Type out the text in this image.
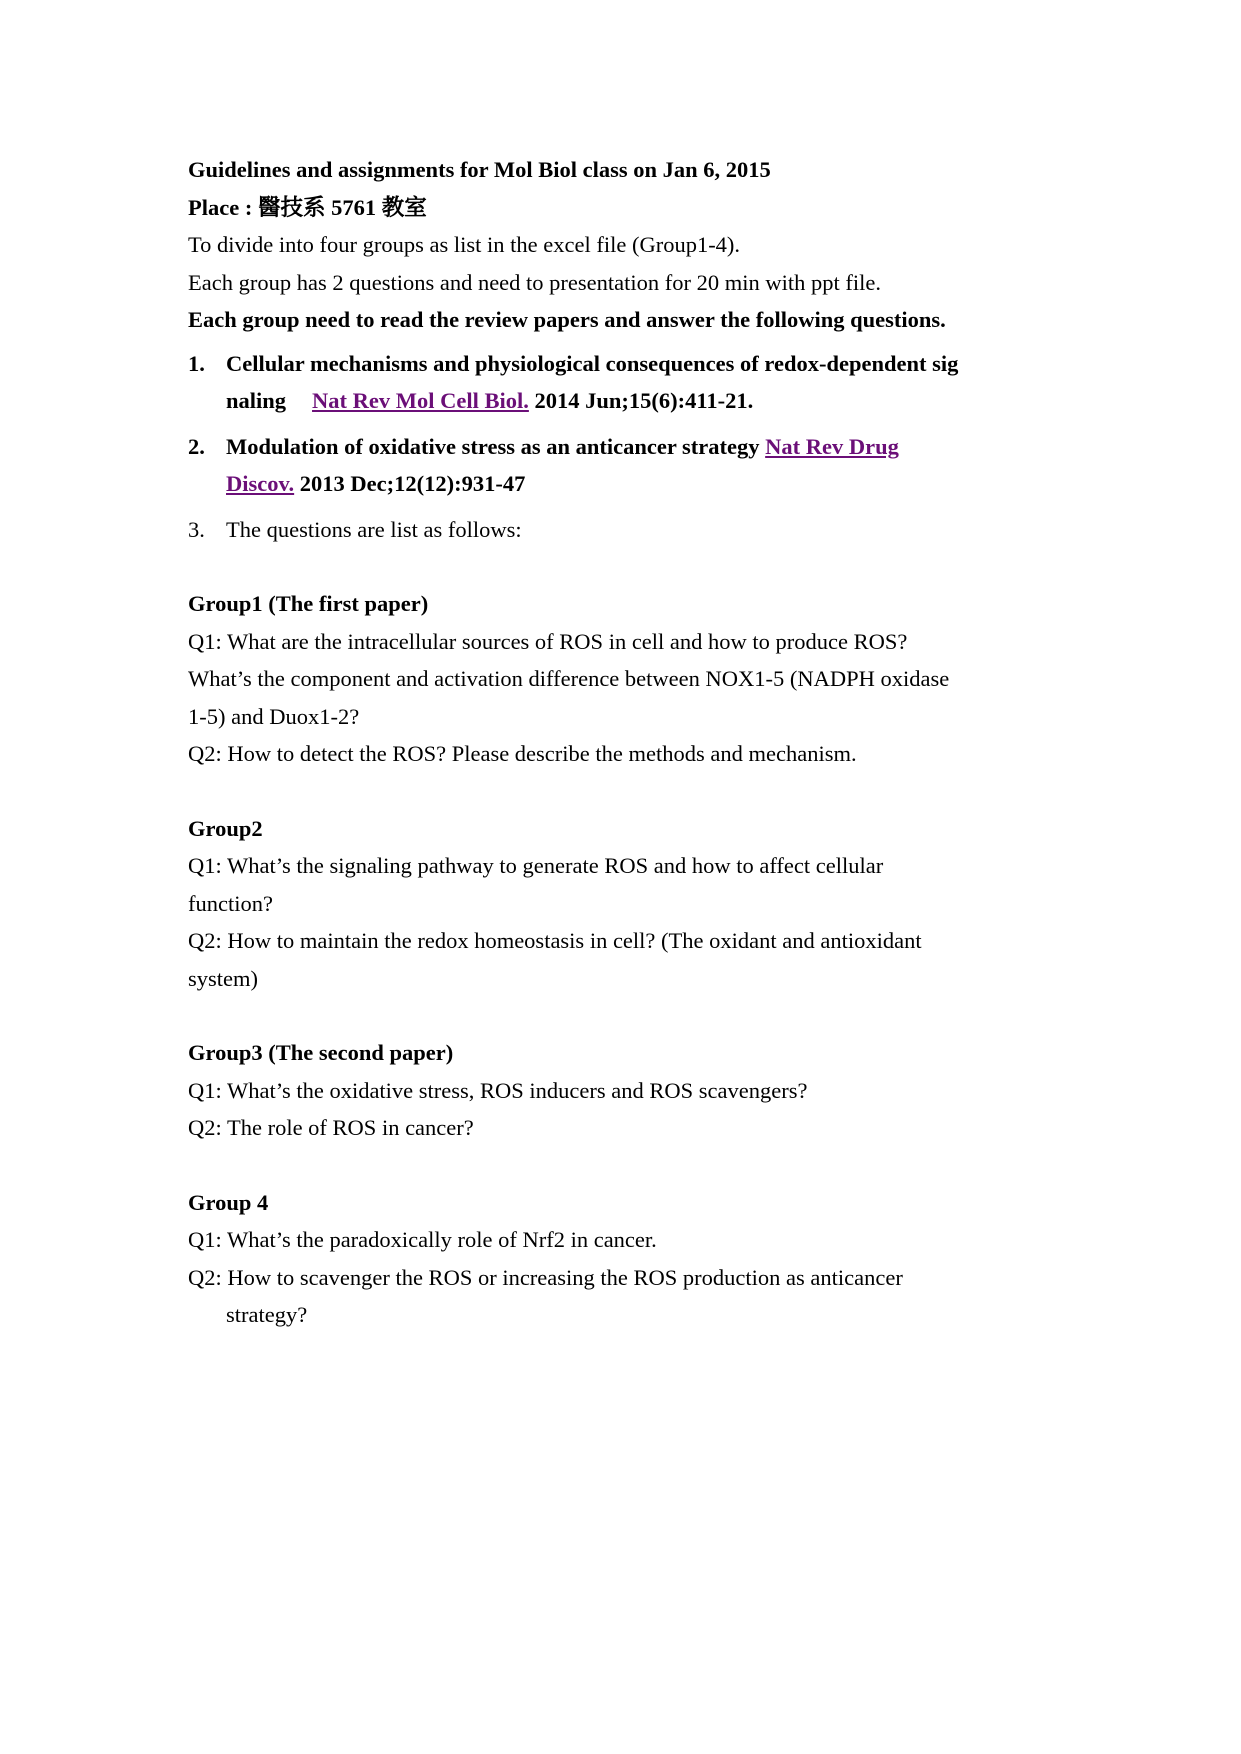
Guidelines and assignments for Mol Biol class on Jan 6, 2015
Place : 醫技系 5761 教室
To divide into four groups as list in the excel file (Group1-4).
Each group has 2 questions and need to presentation for 20 min with ppt file.
Each group need to read the review papers and answer the following questions.
1. Cellular mechanisms and physiological consequences of redox-dependent sig
naling Nat Rev Mol Cell Biol. 2014 Jun;15(6):411-21.
2. Modulation of oxidative stress as an anticancer strategy Nat Rev Drug
Discov. 2013 Dec;12(12):931-47
3. The questions are list as follows:
Group1 (The first paper)
Q1: What are the intracellular sources of ROS in cell and how to produce ROS?
What’s the component and activation difference between NOX1-5 (NADPH oxidase
1-5) and Duox1-2?
Q2: How to detect the ROS? Please describe the methods and mechanism.
Group2
Q1: What’s the signaling pathway to generate ROS and how to affect cellular
function?
Q2: How to maintain the redox homeostasis in cell? (The oxidant and antioxidant
system)
Group3 (The second paper)
Q1: What’s the oxidative stress, ROS inducers and ROS scavengers?
Q2: The role of ROS in cancer?
Group 4
Q1: What’s the paradoxically role of Nrf2 in cancer.
Q2: How to scavenger the ROS or increasing the ROS production as anticancer
strategy?
